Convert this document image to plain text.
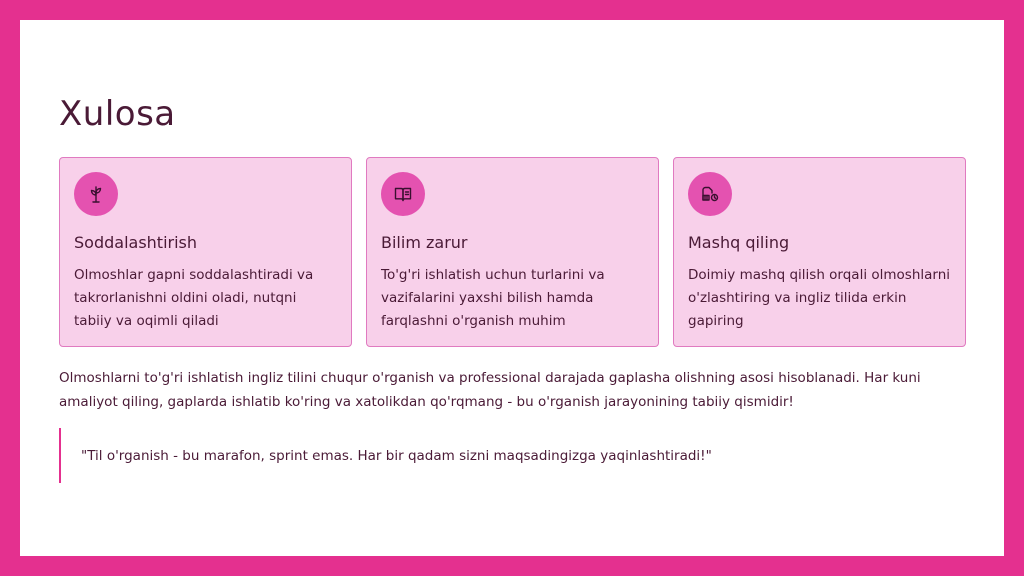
Xulosa
Soddalashtirish
Olmoshlar gapni soddalashtiradi va takrorlanishni oldini oladi, nutqni tabiiy va oqimli qiladi
Bilim zarur
To'g'ri ishlatish uchun turlarini va vazifalarini yaxshi bilish hamda farqlashni o'rganish muhim
Mashq qiling
Doimiy mashq qilish orqali olmoshlarni o'zlashtiring va ingliz tilida erkin gapiring
Olmoshlarni to'g'ri ishlatish ingliz tilini chuqur o'rganish va professional darajada gaplasha olishning asosi hisoblanadi. Har kuni amaliyot qiling, gaplarda ishlatib ko'ring va xatolikdan qo'rqmang - bu o'rganish jarayonining tabiiy qismidir!
"Til o'rganish - bu marafon, sprint emas. Har bir qadam sizni maqsadingizga yaqinlashtiradi!"
